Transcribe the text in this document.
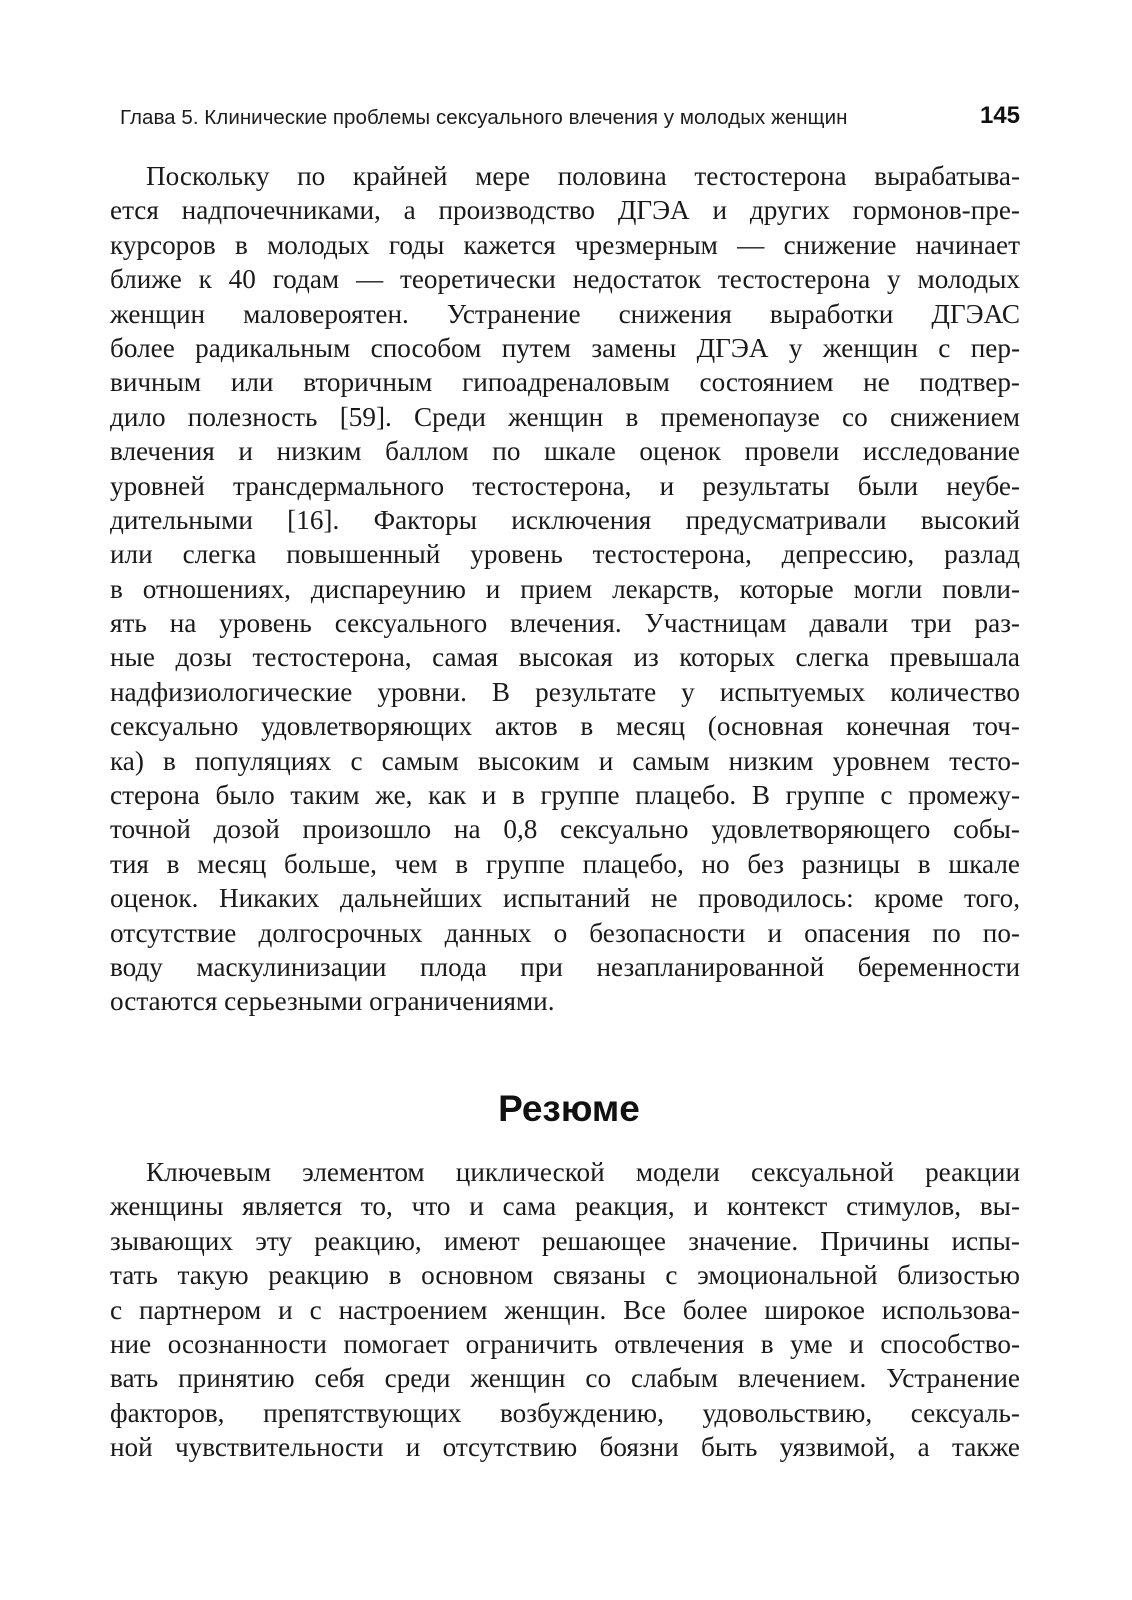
Глава 5. Клинические проблемы сексуального влечения у молодых женщин	145
Поскольку по крайней мере половина тестостерона вырабатыва-
ется надпочечниками, а производство ДГЭА и других гормонов-пре-
курсоров в молодых годы кажется чрезмерным — снижение начинает
ближе к 40 годам — теоретически недостаток тестостерона у молодых
женщин маловероятен. Устранение снижения выработки ДГЭАС
более радикальным способом путем замены ДГЭА у женщин с пер-
вичным или вторичным гипоадреналовым состоянием не подтвер-
дило полезность [59]. Среди женщин в пременопаузе со снижением
влечения и низким баллом по шкале оценок провели исследование
уровней трансдермального тестостерона, и результаты были неубе-
дительными [16]. Факторы исключения предусматривали высокий
или слегка повышенный уровень тестостерона, депрессию, разлад
в отношениях, диспареунию и прием лекарств, которые могли повли-
ять на уровень сексуального влечения. Участницам давали три раз-
ные дозы тестостерона, самая высокая из которых слегка превышала
надфизиологические уровни. В результате у испытуемых количество
сексуально удовлетворяющих актов в месяц (основная конечная точ-
ка) в популяциях с самым высоким и самым низким уровнем тесто-
стерона было таким же, как и в группе плацебо. В группе с промежу-
точной дозой произошло на 0,8 сексуально удовлетворяющего собы-
тия в месяц больше, чем в группе плацебо, но без разницы в шкале
оценок. Никаких дальнейших испытаний не проводилось: кроме того,
отсутствие долгосрочных данных о безопасности и опасения по по-
воду маскулинизации плода при незапланированной беременности
остаются серьезными ограничениями.
Резюме
Ключевым элементом циклической модели сексуальной реакции
женщины является то, что и сама реакция, и контекст стимулов, вы-
зывающих эту реакцию, имеют решающее значение. Причины испы-
тать такую реакцию в основном связаны с эмоциональной близостью
с партнером и с настроением женщин. Все более широкое использова-
ние осознанности помогает ограничить отвлечения в уме и способство-
вать принятию себя среди женщин со слабым влечением. Устранение
факторов, препятствующих возбуждению, удовольствию, сексуаль-
ной чувствительности и отсутствию боязни быть уязвимой, а также
